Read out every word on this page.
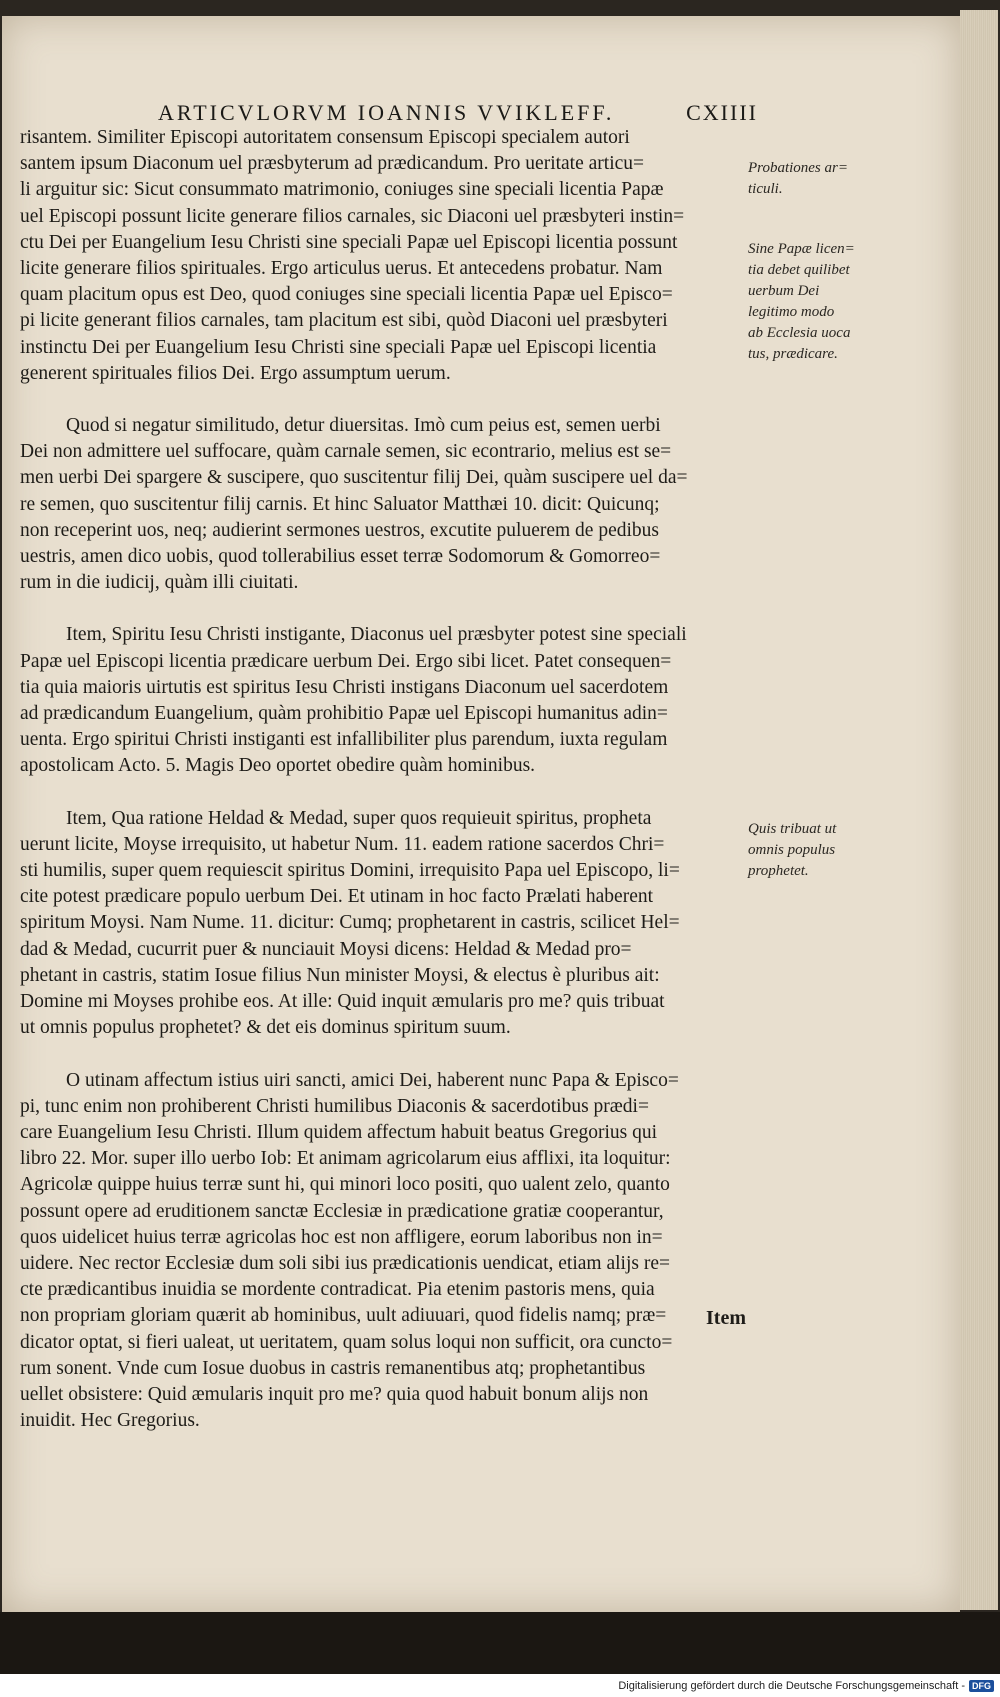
ARTICVLORVM IOANNIS VVIKLEFF.	CXIIII
risantem. Similiter Episcopi autoritatem consensum Episcopi specialem autori
santem ipsum Diaconum uel præsbyterum ad prædicandum. Pro ueritate articu=
li arguitur sic: Sicut consummato matrimonio, coniuges sine speciali licentia Papæ
uel Episcopi possunt licite generare filios carnales, sic Diaconi uel præsbyteri instin=
ctu Dei per Euangelium Iesu Christi sine speciali Papæ uel Episcopi licentia possunt
licite generare filios spirituales. Ergo articulus uerus. Et antecedens probatur. Nam
quam placitum opus est Deo, quod coniuges sine speciali licentia Papæ uel Episco=
pi licite generant filios carnales, tam placitum est sibi, quòd Diaconi uel præsbyteri
instinctu Dei per Euangelium Iesu Christi sine speciali Papæ uel Episcopi licentia
generent spirituales filios Dei. Ergo assumptum uerum.
Quod si negatur similitudo, detur diuersitas. Imò cum peius est, semen uerbi
Dei non admittere uel suffocare, quàm carnale semen, sic econtrario, melius est se=
men uerbi Dei spargere & suscipere, quo suscitentur filij Dei, quàm suscipere uel da=
re semen, quo suscitentur filij carnis. Et hinc Saluator Matthæi 10. dicit: Quicunq;
non receperint uos, neq; audierint sermones uestros, excutite puluerem de pedibus
uestris, amen dico uobis, quod tollerabilius esset terræ Sodomorum & Gomorreo=
rum in die iudicij, quàm illi ciuitati.
Item, Spiritu Iesu Christi instigante, Diaconus uel præsbyter potest sine speciali
Papæ uel Episcopi licentia prædicare uerbum Dei. Ergo sibi licet. Patet consequen=
tia quia maioris uirtutis est spiritus Iesu Christi instigans Diaconum uel sacerdotem
ad prædicandum Euangelium, quàm prohibitio Papæ uel Episcopi humanitus adin=
uenta. Ergo spiritui Christi instiganti est infallibiliter plus parendum, iuxta regulam
apostolicam Acto. 5. Magis Deo oportet obedire quàm hominibus.
Item, Qua ratione Heldad & Medad, super quos requieuit spiritus, propheta
uerunt licite, Moyse irrequisito, ut habetur Num. 11. eadem ratione sacerdos Chri=
sti humilis, super quem requiescit spiritus Domini, irrequisito Papa uel Episcopo, li=
cite potest prædicare populo uerbum Dei. Et utinam in hoc facto Prælati haberent
spiritum Moysi. Nam Nume. 11. dicitur: Cumq; prophetarent in castris, scilicet Hel=
dad & Medad, cucurrit puer & nunciauit Moysi dicens: Heldad & Medad pro=
phetant in castris, statim Iosue filius Nun minister Moysi, & electus è pluribus ait:
Domine mi Moyses prohibe eos. At ille: Quid inquit æmularis pro me? quis tribuat
ut omnis populus prophetet? & det eis dominus spiritum suum.
O utinam affectum istius uiri sancti, amici Dei, haberent nunc Papa & Episco=
pi, tunc enim non prohiberent Christi humilibus Diaconis & sacerdotibus prædi=
care Euangelium Iesu Christi. Illum quidem affectum habuit beatus Gregorius qui
libro 22. Mor. super illo uerbo Iob: Et animam agricolarum eius afflixi, ita loquitur:
Agricolæ quippe huius terræ sunt hi, qui minori loco positi, quo ualent zelo, quanto
possunt opere ad eruditionem sanctæ Ecclesiæ in prædicatione gratiæ cooperantur,
quos uidelicet huius terræ agricolas hoc est non affligere, eorum laboribus non in=
uidere. Nec rector Ecclesiæ dum soli sibi ius prædicationis uendicat, etiam alijs re=
cte prædicantibus inuidia se mordente contradicat. Pia etenim pastoris mens, quia
non propriam gloriam quærit ab hominibus, uult adiuuari, quod fidelis namq; præ=
dicator optat, si fieri ualeat, ut ueritatem, quam solus loqui non sufficit, ora cuncto=
rum sonent. Vnde cum Iosue duobus in castris remanentibus atq; prophetantibus
uellet obsistere: Quid æmularis inquit pro me? quia quod habuit bonum alijs non
inuidit. Hec Gregorius.
Item
Probationes ar=
ticuli.
Sine Papæ licen=
tia debet quilibet
uerbum Dei
legitimo modo
ab Ecclesia uoca
tus, prædicare.
Quis tribuat ut
omnis populus
prophetet.
Digitalisierung gefördert durch die Deutsche Forschungsgemeinschaft - DFG
